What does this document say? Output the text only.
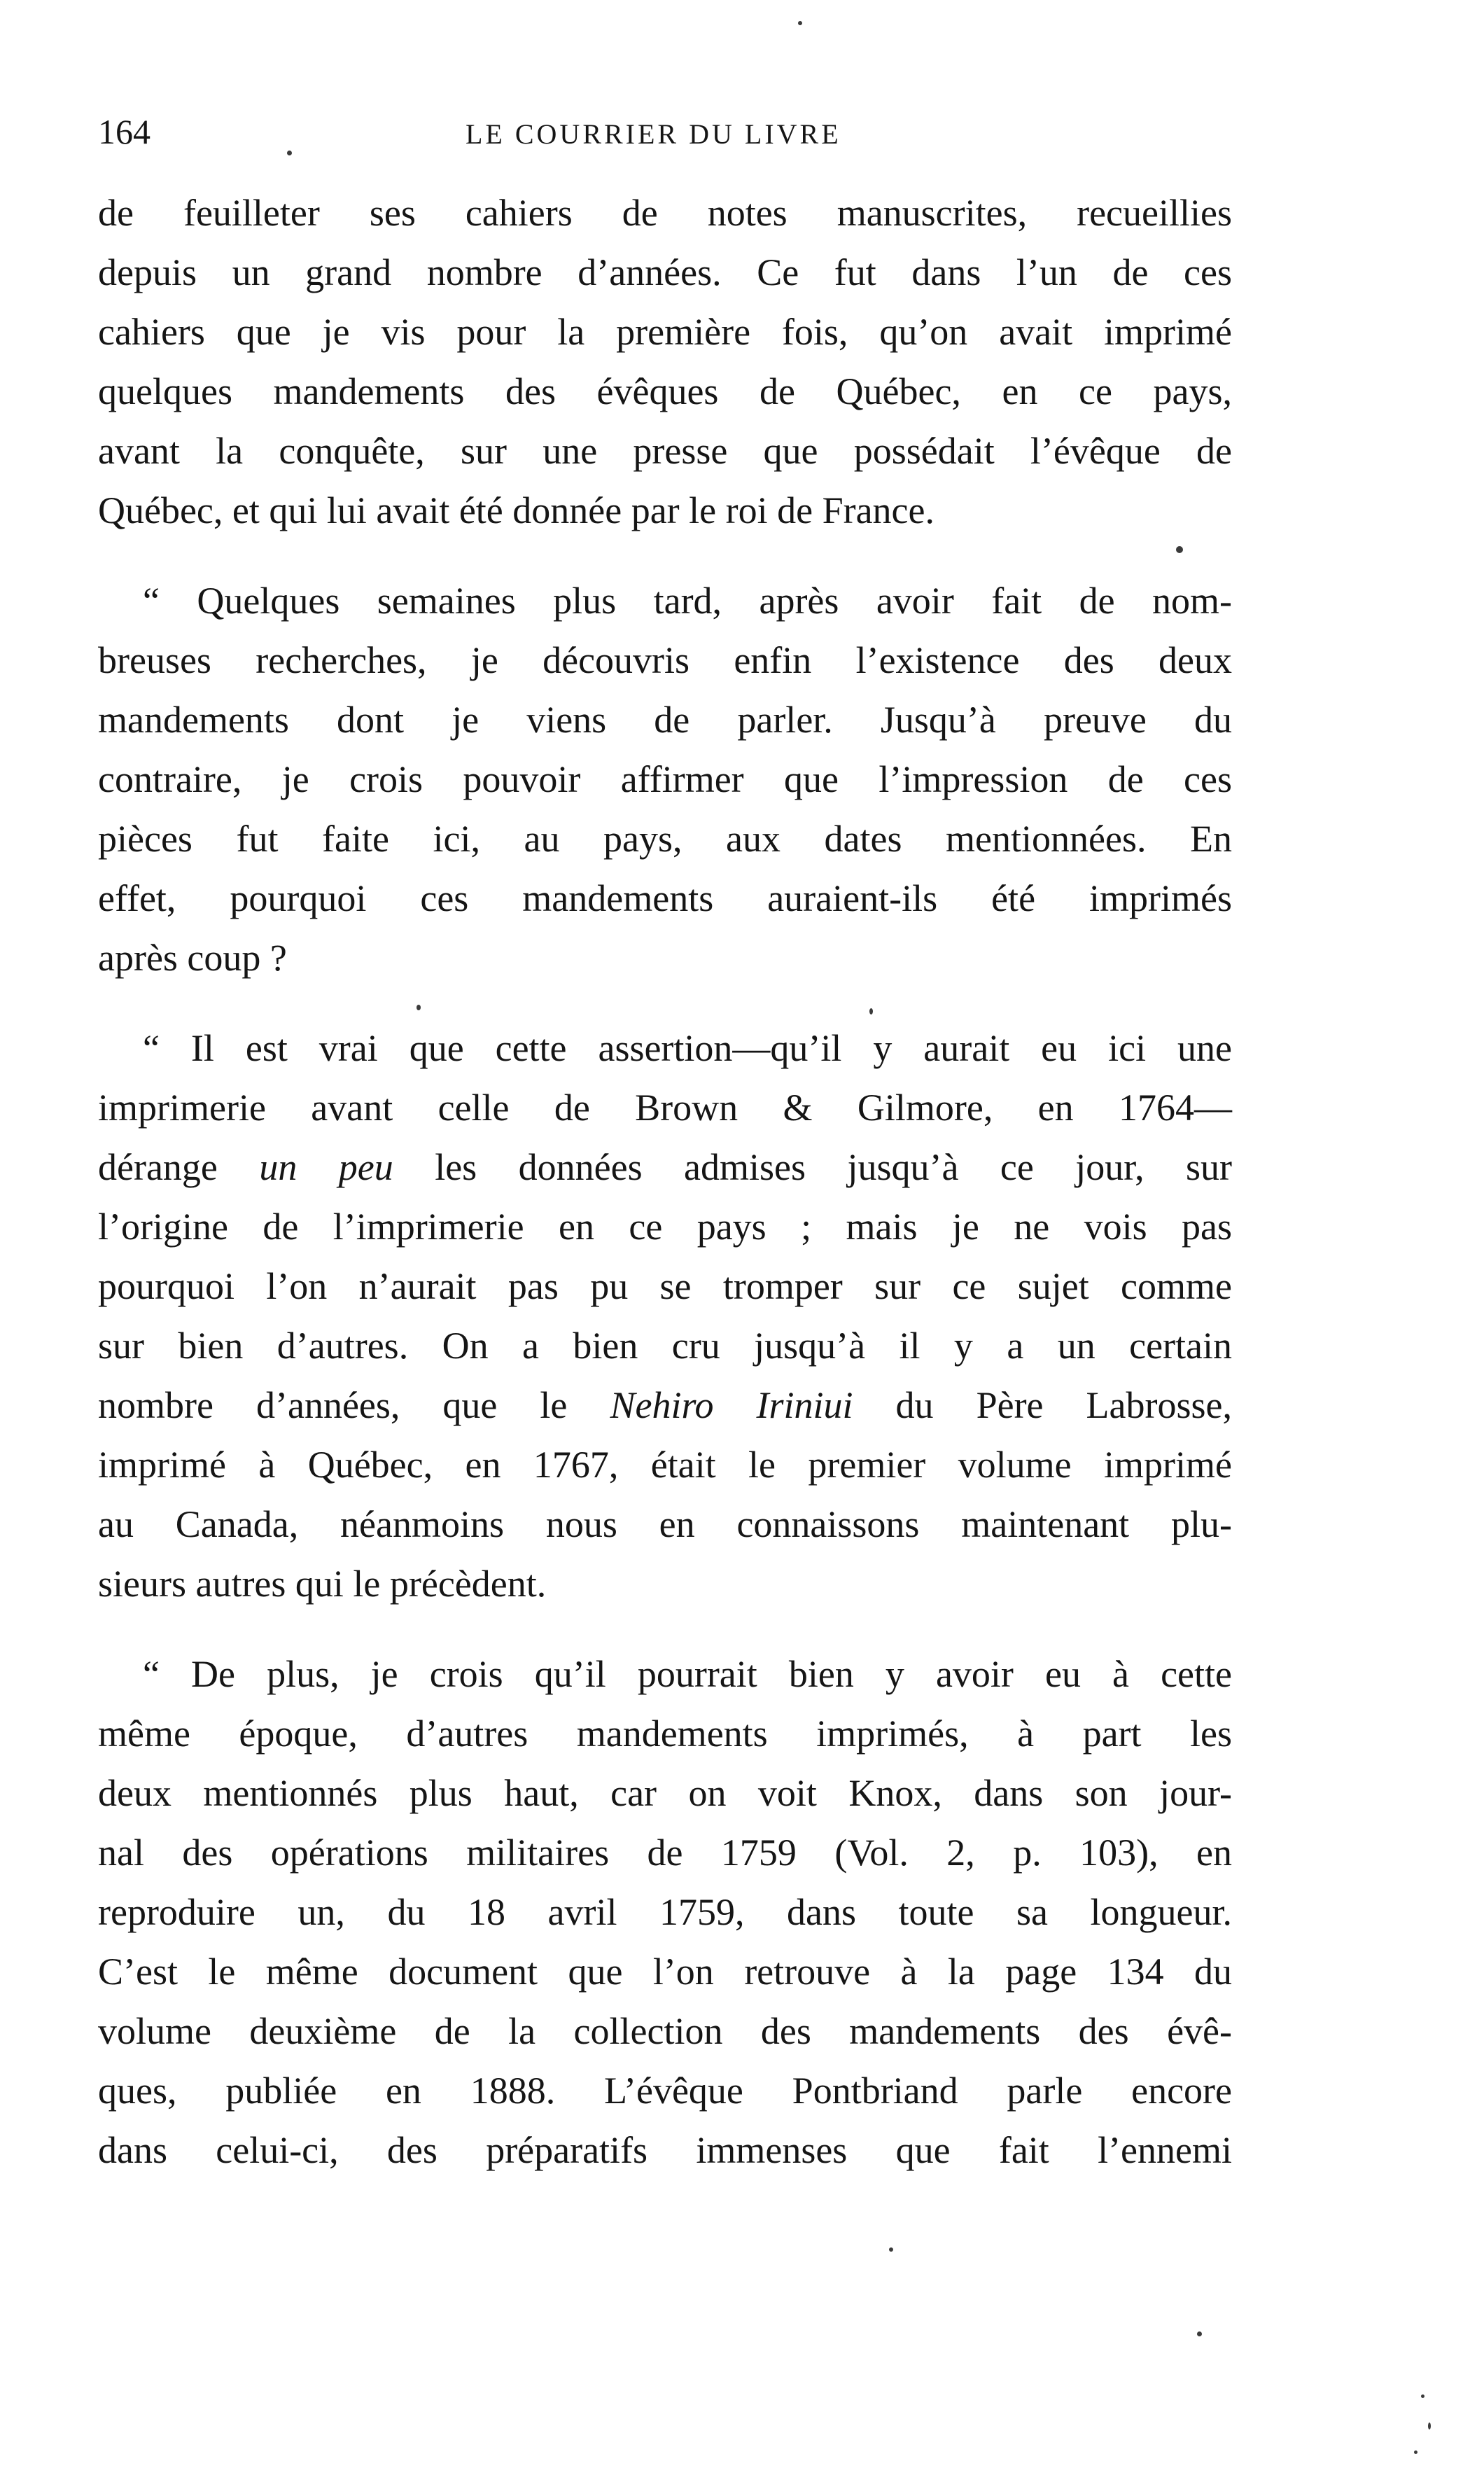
164	LE COURRIER DU LIVRE

de feuilleter ses cahiers de notes manuscrites, recueillies
depuis un grand nombre d’années. Ce fut dans l’un de ces
cahiers que je vis pour la première fois, qu’on avait imprimé
quelques mandements des évêques de Québec, en ce pays,
avant la conquête, sur une presse que possédait l’évêque de
Québec, et qui lui avait été donnée par le roi de France.

“ Quelques semaines plus tard, après avoir fait de nom-
breuses recherches, je découvris enfin l’existence des deux
mandements dont je viens de parler. Jusqu’à preuve du
contraire, je crois pouvoir affirmer que l’impression de ces
pièces fut faite ici, au pays, aux dates mentionnées. En
effet, pourquoi ces mandements auraient-ils été imprimés
après coup ?

“ Il est vrai que cette assertion—qu’il y aurait eu ici une
imprimerie avant celle de Brown & Gilmore, en 1764—
dérange un peu les données admises jusqu’à ce jour, sur
l’origine de l’imprimerie en ce pays ; mais je ne vois pas
pourquoi l’on n’aurait pas pu se tromper sur ce sujet comme
sur bien d’autres. On a bien cru jusqu’à il y a un certain
nombre d’années, que le Nehiro Iriniui du Père Labrosse,
imprimé à Québec, en 1767, était le premier volume imprimé
au Canada, néanmoins nous en connaissons maintenant plu-
sieurs autres qui le précèdent.

“ De plus, je crois qu’il pourrait bien y avoir eu à cette
même époque, d’autres mandements imprimés, à part les
deux mentionnés plus haut, car on voit Knox, dans son jour-
nal des opérations militaires de 1759 (Vol. 2, p. 103), en
reproduire un, du 18 avril 1759, dans toute sa longueur.
C’est le même document que l’on retrouve à la page 134 du
volume deuxième de la collection des mandements des évê-
ques, publiée en 1888. L’évêque Pontbriand parle encore
dans celui-ci, des préparatifs immenses que fait l’ennemi
